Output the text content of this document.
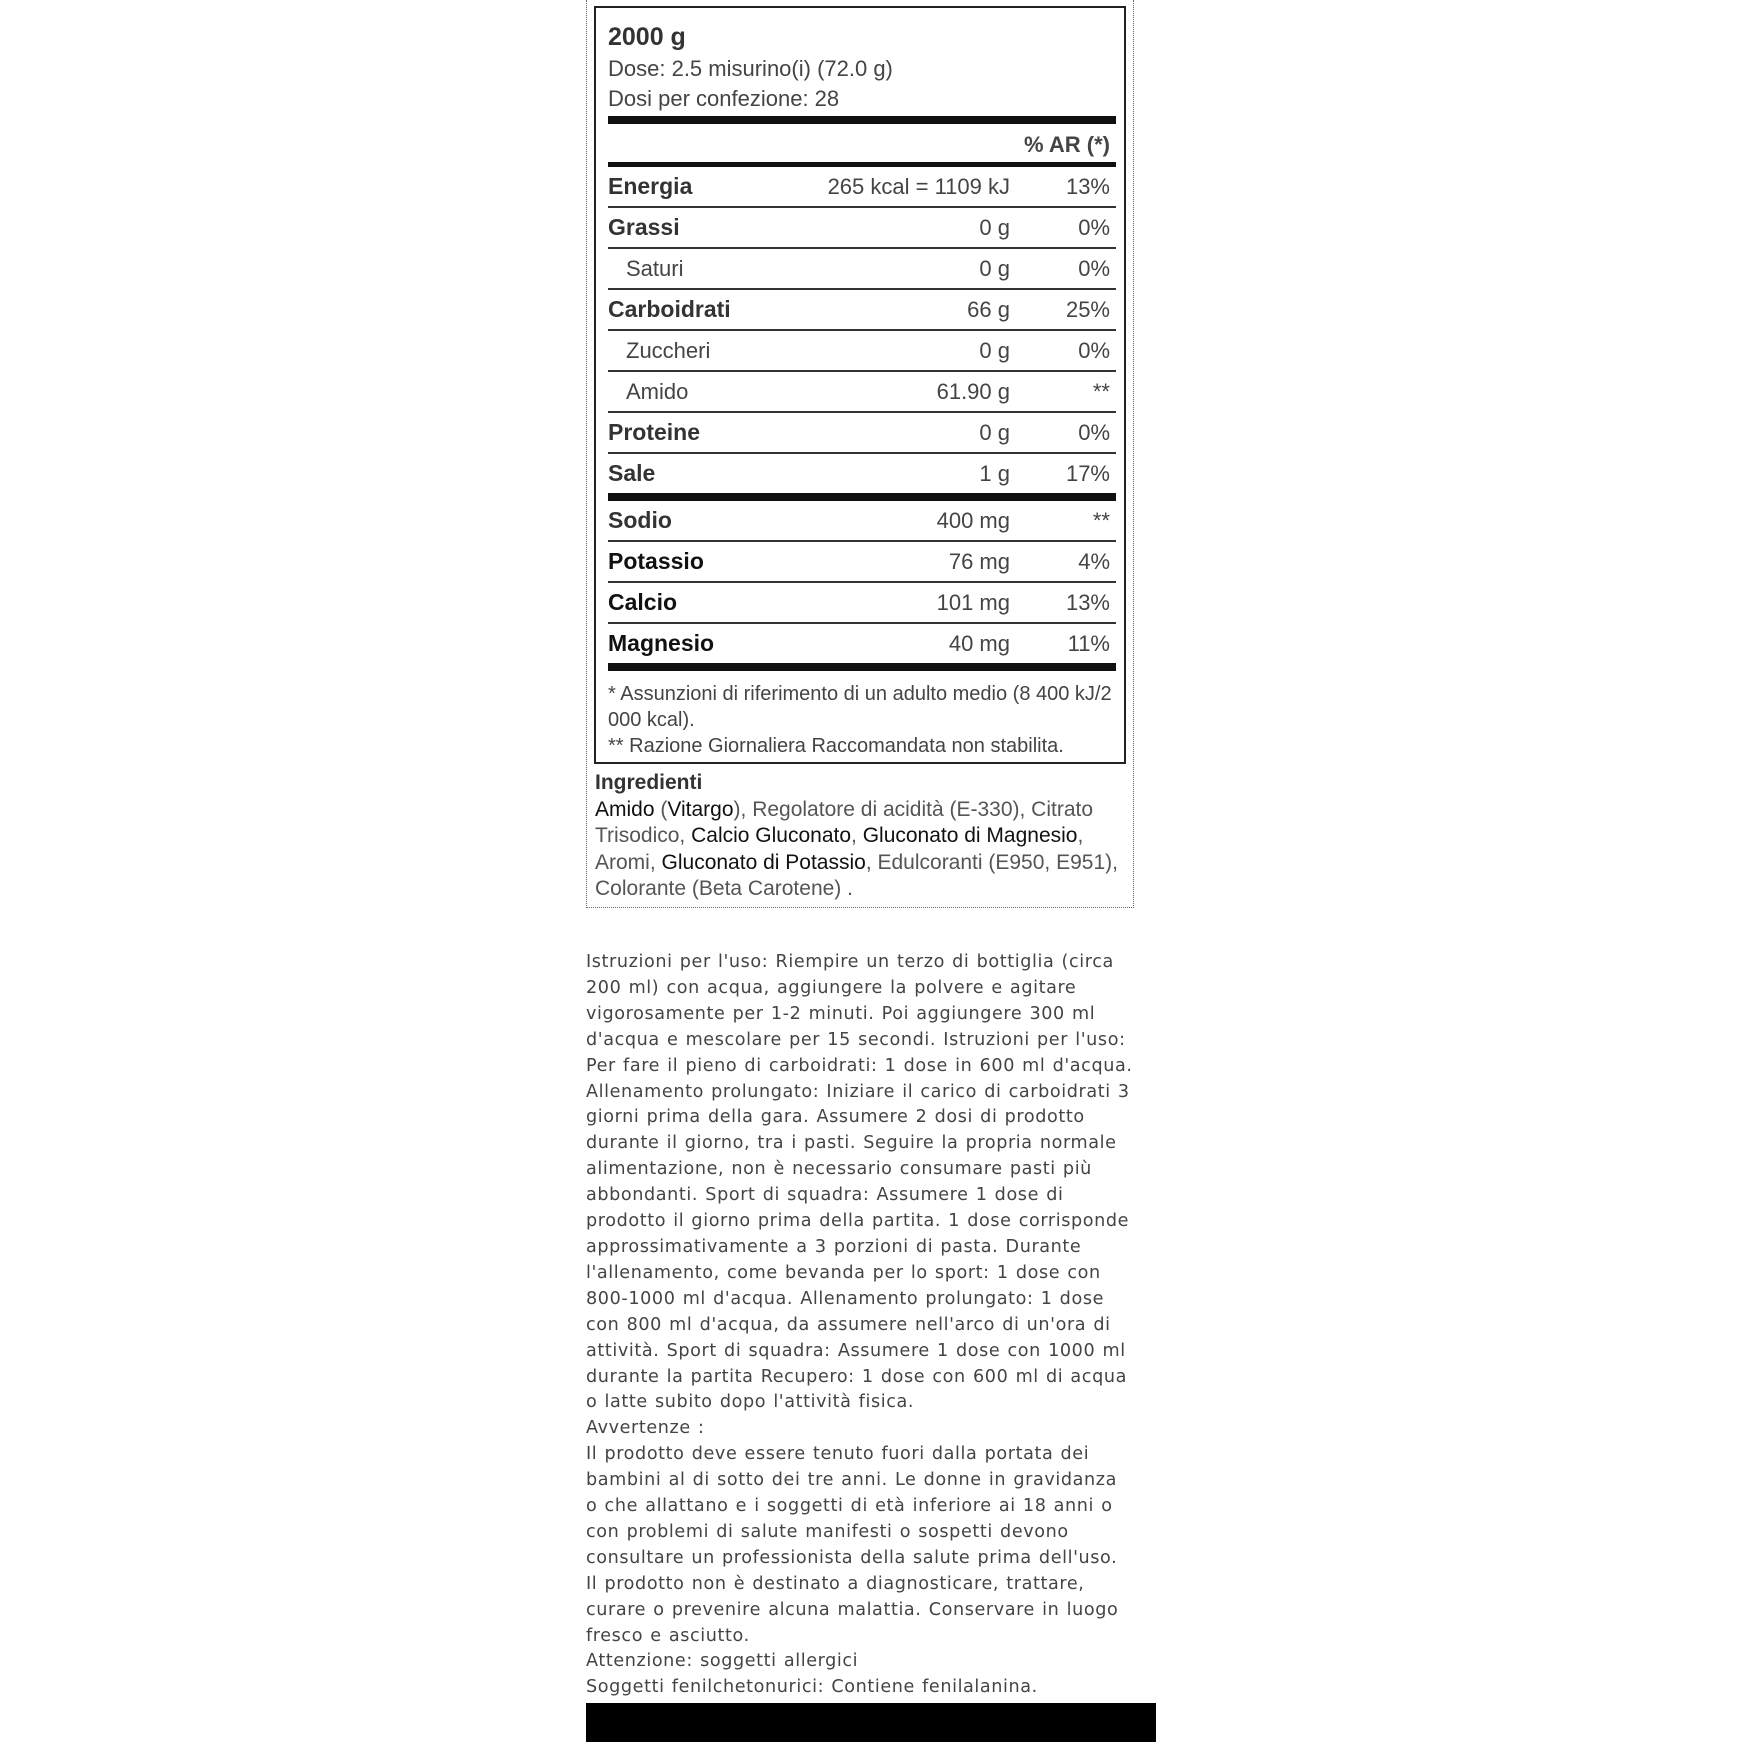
2000 g
Dose: 2.5 misurino(i) (72.0 g)
Dosi per confezione: 28
% AR (*)
Energia	265 kcal = 1109 kJ	13%
Grassi	0 g	0%
Saturi	0 g	0%
Carboidrati	66 g	25%
Zuccheri	0 g	0%
Amido	61.90 g	**
Proteine	0 g	0%
Sale	1 g	17%
Sodio	400 mg	**
Potassio	76 mg	4%
Calcio	101 mg	13%
Magnesio	40 mg	11%
* Assunzioni di riferimento di un adulto medio (8 400 kJ/2 000 kcal).
** Razione Giornaliera Raccomandata non stabilita.
Ingredienti
Amido (Vitargo), Regolatore di acidità (E-330), Citrato Trisodico, Calcio Gluconato, Gluconato di Magnesio, Aromi, Gluconato di Potassio, Edulcoranti (E950, E951), Colorante (Beta Carotene) .

Istruzioni per l'uso: Riempire un terzo di bottiglia (circa 200 ml) con acqua, aggiungere la polvere e agitare vigorosamente per 1-2 minuti. Poi aggiungere 300 ml d'acqua e mescolare per 15 secondi. Istruzioni per l'uso: Per fare il pieno di carboidrati: 1 dose in 600 ml d'acqua. Allenamento prolungato: Iniziare il carico di carboidrati 3 giorni prima della gara. Assumere 2 dosi di prodotto durante il giorno, tra i pasti. Seguire la propria normale alimentazione, non è necessario consumare pasti più abbondanti. Sport di squadra: Assumere 1 dose di prodotto il giorno prima della partita. 1 dose corrisponde approssimativamente a 3 porzioni di pasta. Durante l'allenamento, come bevanda per lo sport: 1 dose con 800-1000 ml d'acqua. Allenamento prolungato: 1 dose con 800 ml d'acqua, da assumere nell'arco di un'ora di attività. Sport di squadra: Assumere 1 dose con 1000 ml durante la partita Recupero: 1 dose con 600 ml di acqua o latte subito dopo l'attività fisica.

Avvertenze :

Il prodotto deve essere tenuto fuori dalla portata dei bambini al di sotto dei tre anni. Le donne in gravidanza o che allattano e i soggetti di età inferiore ai 18 anni o con problemi di salute manifesti o sospetti devono consultare un professionista della salute prima dell'uso. Il prodotto non è destinato a diagnosticare, trattare, curare o prevenire alcuna malattia. Conservare in luogo fresco e asciutto.

Attenzione: soggetti allergici

Soggetti fenilchetonurici: Contiene fenilalanina.
